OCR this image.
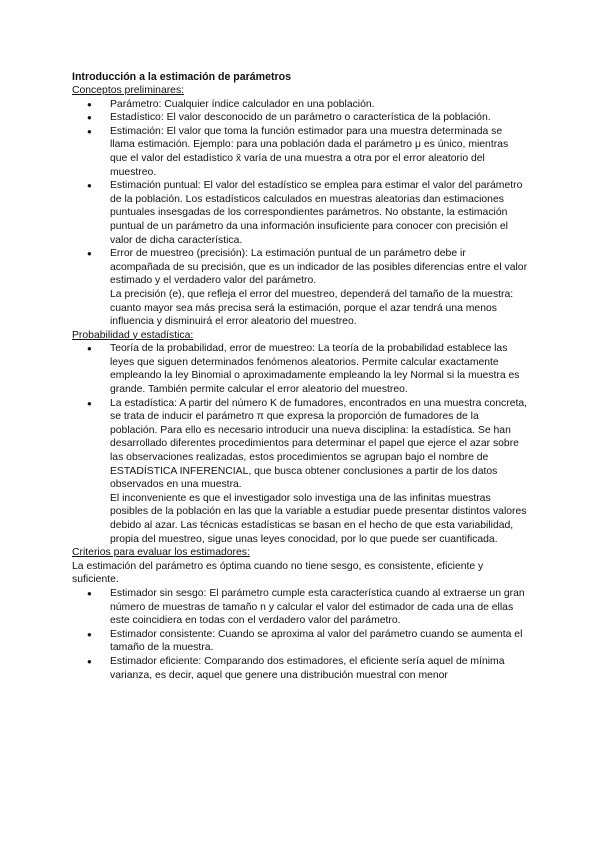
Introducción a la estimación de parámetros

Conceptos preliminares:

● Parámetro: Cualquier índice calculador en una población.

● Estadístico: El valor desconocido de un parámetro o característica de la población.

● Estimación: El valor que toma la función estimador para una muestra determinada se llama estimación. Ejemplo: para una población dada el parámetro μ es único, mientras que el valor del estadístico x̄ varía de una muestra a otra por el error aleatorio del muestreo.

● Estimación puntual: El valor del estadístico se emplea para estimar el valor del parámetro de la población. Los estadísticos calculados en muestras aleatorias dan estimaciones puntuales insesgadas de los correspondientes parámetros. No obstante, la estimación puntual de un parámetro da una información insuficiente para conocer con precisión el valor de dicha característica.

● Error de muestreo (precisión): La estimación puntual de un parámetro debe ir acompañada de su precisión, que es un indicador de las posibles diferencias entre el valor estimado y el verdadero valor del parámetro.

La precisión (e), que refleja el error del muestreo, dependerá del tamaño de la muestra: cuanto mayor sea más precisa será la estimación, porque el azar tendrá una menos influencia y disminuirá el error aleatorio del muestreo.

Probabilidad y estadística:

● Teoría de la probabilidad, error de muestreo: La teoría de la probabilidad establece las leyes que siguen determinados fenómenos aleatorios. Permite calcular exactamente empleando la ley Binomial o aproximadamente empleando la ley Normal si la muestra es grande. También permite calcular el error aleatorio del muestreo.

● La estadística: A partir del número K de fumadores, encontrados en una muestra concreta, se trata de inducir el parámetro π que expresa la proporción de fumadores de la población. Para ello es necesario introducir una nueva disciplina: la estadística. Se han desarrollado diferentes procedimientos para determinar el papel que ejerce el azar sobre las observaciones realizadas, estos procedimientos se agrupan bajo el nombre de ESTADÍSTICA INFERENCIAL, que busca obtener conclusiones a partir de los datos observados en una muestra.

El inconveniente es que el investigador solo investiga una de las infinitas muestras posibles de la población en las que la variable a estudiar puede presentar distintos valores debido al azar. Las técnicas estadísticas se basan en el hecho de que esta variabilidad, propia del muestreo, sigue unas leyes conocidad, por lo que puede ser cuantificada.

Criterios para evaluar los estimadores:

La estimación del parámetro es óptima cuando no tiene sesgo, es consistente, eficiente y suficiente.

● Estimador sin sesgo: El parámetro cumple esta característica cuando al extraerse un gran número de muestras de tamaño n y calcular el valor del estimador de cada una de ellas este coincidiera en todas con el verdadero valor del parámetro.

● Estimador consistente: Cuando se aproxima al valor del parámetro cuando se aumenta el tamaño de la muestra.

● Estimador eficiente: Comparando dos estimadores, el eficiente sería aquel de mínima varianza, es decir, aquel que genere una distribución muestral con menor
